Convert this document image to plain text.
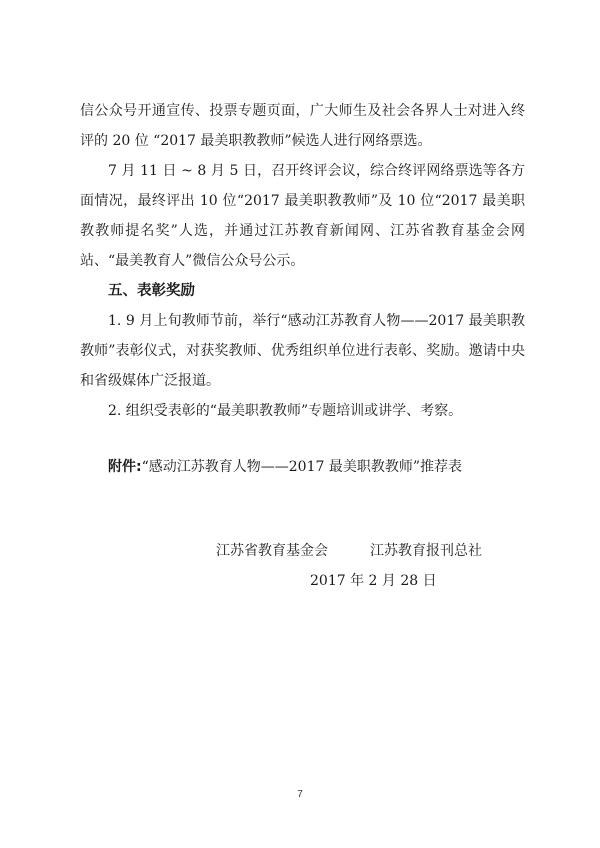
信公众号开通宣传、投票专题页面，广大师生及社会各界人士对进入终评的 20 位 “2017 最美职教教师”候选人进行网络票选。

7 月 11 日 ~ 8 月 5 日，召开终评会议，综合终评网络票选等各方面情况，最终评出 10 位“2017 最美职教教师”及 10 位“2017 最美职教教师提名奖”人选，并通过江苏教育新闻网、江苏省教育基金会网站、“最美教育人”微信公众号公示。

五、表彰奖励

1. 9 月上旬教师节前，举行“感动江苏教育人物——2017 最美职教教师”表彰仪式，对获奖教师、优秀组织单位进行表彰、奖励。邀请中央和省级媒体广泛报道。

2. 组织受表彰的“最美职教教师”专题培训或讲学、考察。

附件:“感动江苏教育人物——2017 最美职教教师”推荐表

江苏省教育基金会	江苏教育报刊总社

2017 年 2 月 28 日

7
